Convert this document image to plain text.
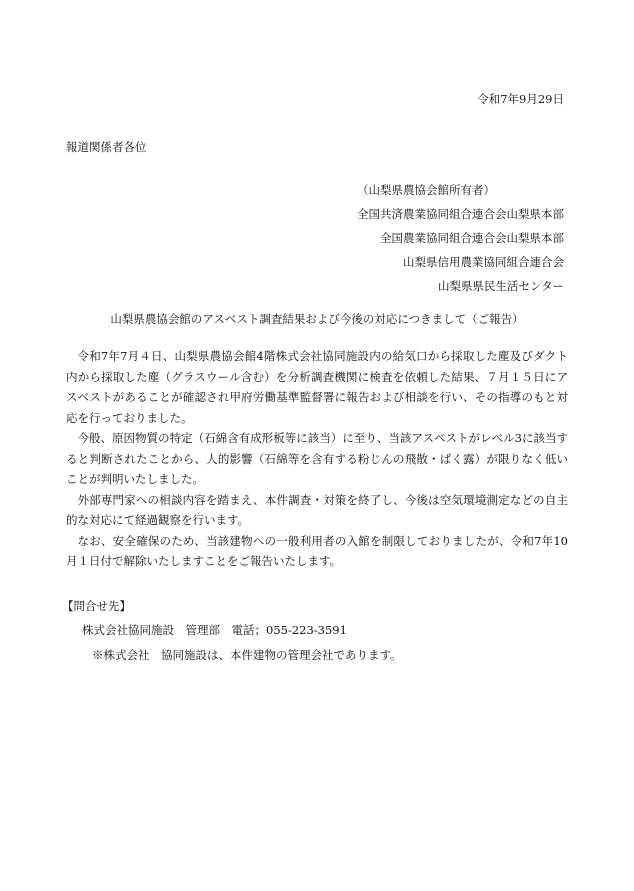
令和7年9月29日
報道関係者各位
（山梨県農協会館所有者）
全国共済農業協同組合連合会山梨県本部
全国農業協同組合連合会山梨県本部
山梨県信用農業協同組合連合会
山梨県県民生活センター
山梨県農協会館のアスベスト調査結果および今後の対応につきまして（ご報告）

令和7年7月４日、山梨県農協会館4階株式会社協同施設内の給気口から採取した塵及びダクト内から採取した塵（グラスウール含む）を分析調査機関に検査を依頼した結果、７月１５日にアスベストがあることが確認され甲府労働基準監督署に報告および相談を行い、その指導のもと対応を行っておりました。

今般、原因物質の特定（石綿含有成形板等に該当）に至り、当該アスベストがレベル3に該当すると判断されたことから、人的影響（石綿等を含有する粉じんの飛散・ばく露）が限りなく低いことが判明いたしました。

外部専門家への相談内容を踏まえ、本件調査・対策を終了し、今後は空気環境測定などの自主的な対応にて経過観察を行います。

なお、安全確保のため、当該建物への一般利用者の入館を制限しておりましたが、令和7年10月１日付で解除いたしますことをご報告いたします。

【問合せ先】
株式会社協同施設　管理部　電話；055-223-3591
※株式会社　協同施設は、本件建物の管理会社であります。
